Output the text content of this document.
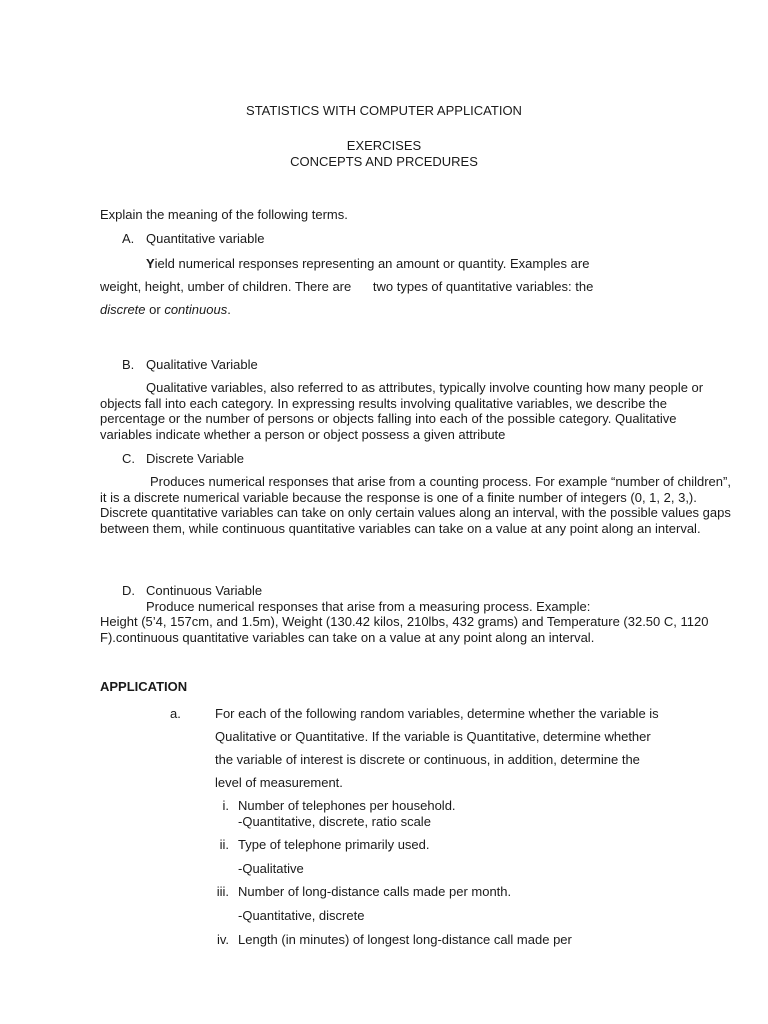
STATISTICS WITH COMPUTER APPLICATION
EXERCISES
CONCEPTS AND PRCEDURES
Explain the meaning of the following terms.
A. Quantitative variable
Yield numerical responses representing an amount or quantity. Examples are
weight, height, umber of children. There are      two types of quantitative variables: the
discrete or continuous.
B. Qualitative Variable
Qualitative variables, also referred to as attributes, typically involve counting how many people or objects fall into each category. In expressing results involving qualitative variables, we describe the percentage or the number of persons or objects falling into each of the possible category. Qualitative variables indicate whether a person or object possess a given attribute
C. Discrete Variable
Produces numerical responses that arise from a counting process. For example “number of children”, it is a discrete numerical variable because the response is one of a finite number of integers (0, 1, 2, 3,). Discrete quantitative variables can take on only certain values along an interval, with the possible values gaps between them, while continuous quantitative variables can take on a value at any point along an interval.
D. Continuous Variable
Produce numerical responses that arise from a measuring process. Example:
Height (5’4, 157cm, and 1.5m), Weight (130.42 kilos, 210lbs, 432 grams) and Temperature (32.50 C, 1120 F).continuous quantitative variables can take on a value at any point along an interval.
APPLICATION
a.	For each of the following random variables, determine whether the variable is Qualitative or Quantitative. If the variable is Quantitative, determine whether the variable of interest is discrete or continuous, in addition, determine the level of measurement.
i. Number of telephones per household.
-Quantitative, discrete, ratio scale
ii. Type of telephone primarily used.
-Qualitative
iii. Number of long-distance calls made per month.
-Quantitative, discrete
iv. Length (in minutes) of longest long-distance call made per
